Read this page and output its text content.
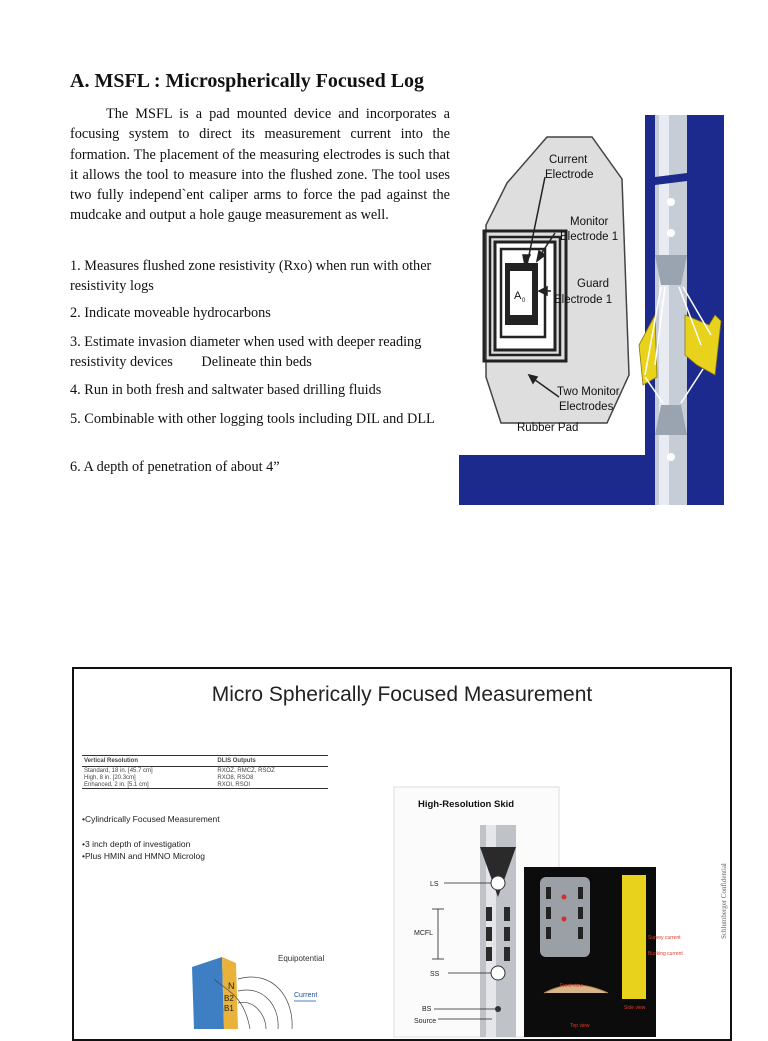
A. MSFL : Microspherically Focused Log

The MSFL is a pad mounted device and incorporates a focusing system to direct its measurement current into the formation. The placement of the measuring electrodes is such that it allows the tool to measure into the flushed zone. The tool uses two fully independ`ent caliper arms to force the pad against the mudcake and output a hole gauge measurement as well.

1. Measures flushed zone resistivity (Rxo) when run with other resistivity logs

2. Indicate moveable hydrocarbons

3. Estimate invasion diameter when used with deeper reading resistivity devices        Delineate thin beds

4. Run in both fresh and saltwater based drilling fluids

5. Combinable with other logging tools including DIL and DLL

6. A depth of penetration of about 4”

A 0
Current
Electrode
Monitor
Electrode 1
Guard
Electrode 1
Two Monitor
Electrodes
Rubber Pad
Micro Spherically Focused Measurement
Vertical Resolution	DLIS Outputs
Standard, 18 in. [45.7 cm]	RXOZ, RMCZ, RSOZ
High, 8 in. [20.3cm]	RXO8, RSO8
Enhanced, 2 in. [5.1 cm]	RXOI, RSOI
•Cylindrically Focused Measurement
•3 inch depth of investigation
•Plus HMIN and HMNO Microlog
N
B2
B1
Equipotential
Current
High-Resolution Skid
LS
MCFL
SS
BS
Source
Survey current
Bucking current
Front view
Side view
Top view
Schlumberger Confidential
